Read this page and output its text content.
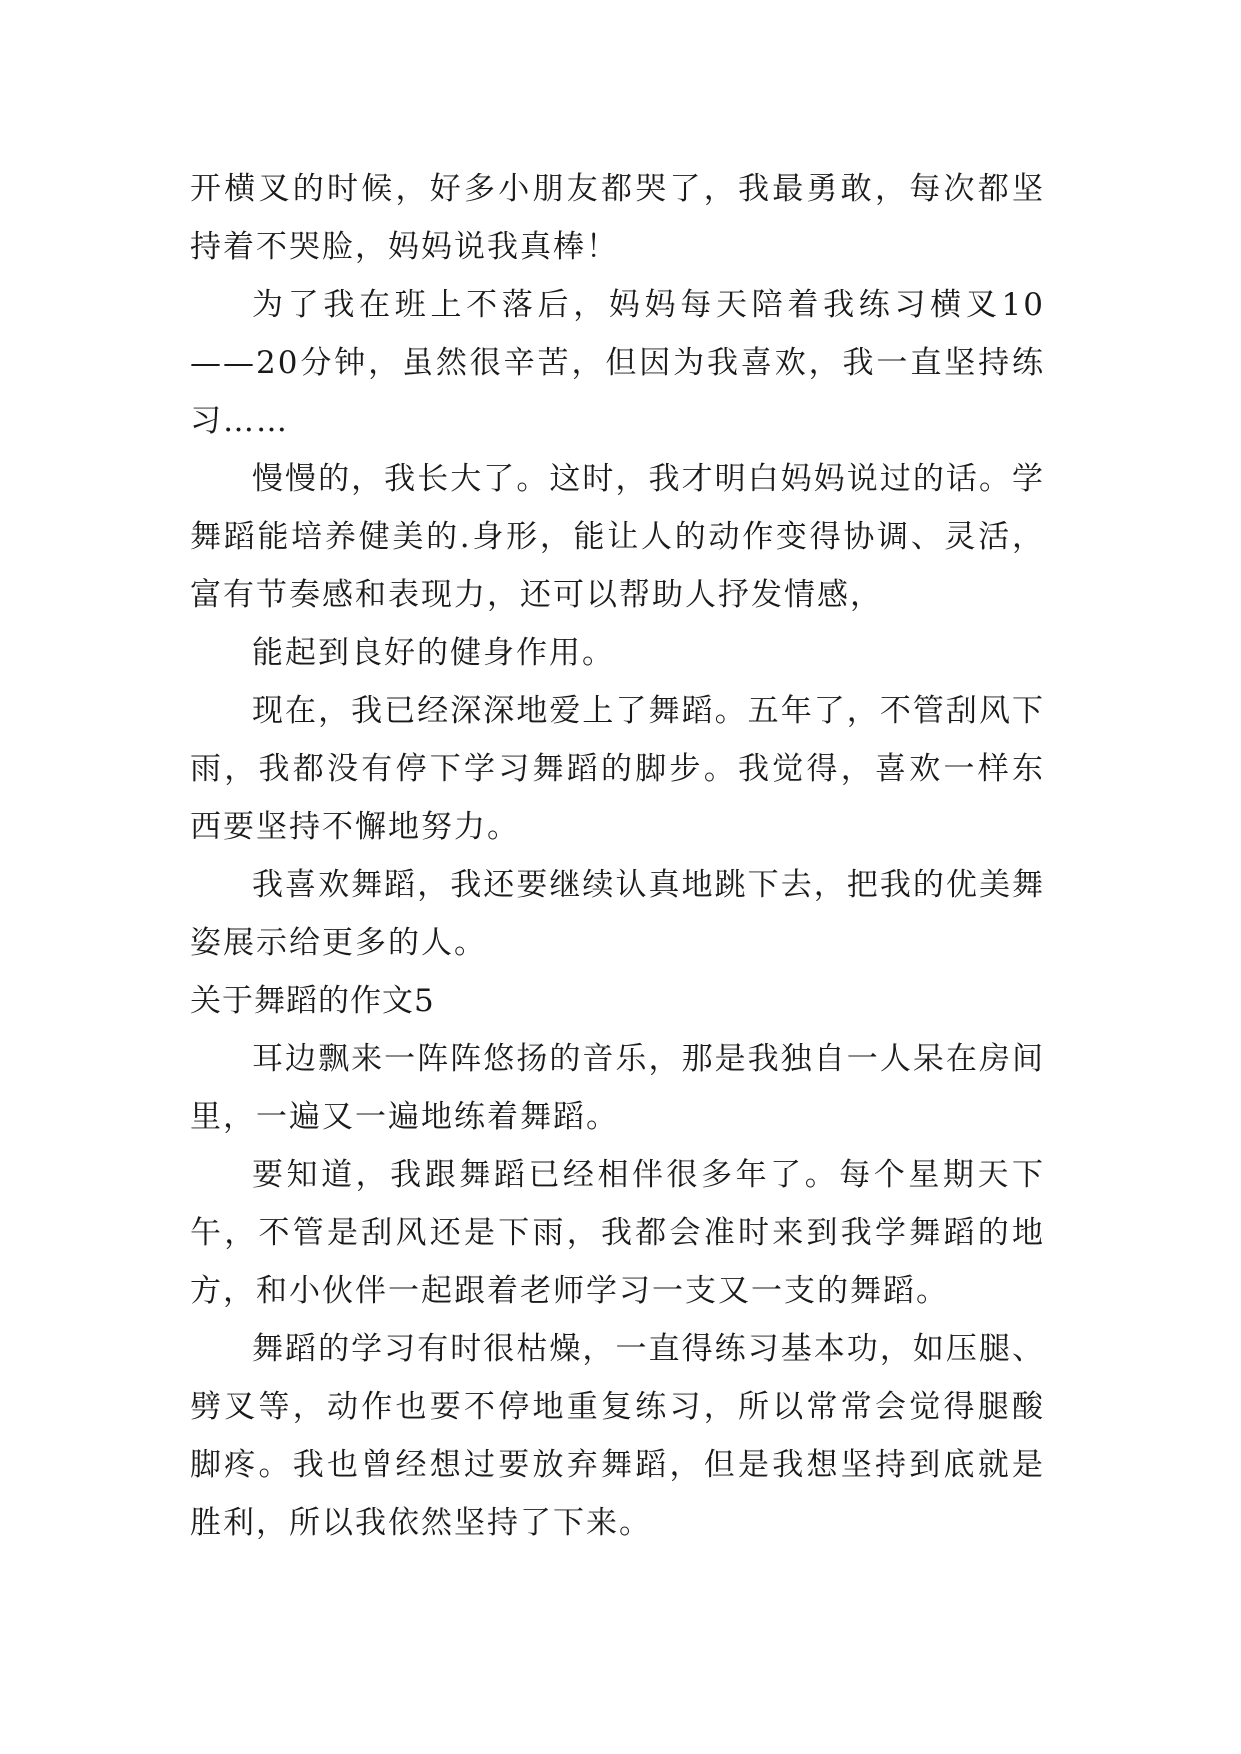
开横叉的时候，好多小朋友都哭了，我最勇敢，每次都坚持着不哭脸，妈妈说我真棒！

为了我在班上不落后，妈妈每天陪着我练习横叉10——20分钟，虽然很辛苦，但因为我喜欢，我一直坚持练习……

慢慢的，我长大了。这时，我才明白妈妈说过的话。学舞蹈能培养健美的.身形，能让人的动作变得协调、灵活，富有节奏感和表现力，还可以帮助人抒发情感，

能起到良好的健身作用。

现在，我已经深深地爱上了舞蹈。五年了，不管刮风下雨，我都没有停下学习舞蹈的脚步。我觉得，喜欢一样东西要坚持不懈地努力。

我喜欢舞蹈，我还要继续认真地跳下去，把我的优美舞姿展示给更多的人。

关于舞蹈的作文5

耳边飘来一阵阵悠扬的音乐，那是我独自一人呆在房间里，一遍又一遍地练着舞蹈。

要知道，我跟舞蹈已经相伴很多年了。每个星期天下午，不管是刮风还是下雨，我都会准时来到我学舞蹈的地方，和小伙伴一起跟着老师学习一支又一支的舞蹈。

舞蹈的学习有时很枯燥，一直得练习基本功，如压腿、劈叉等，动作也要不停地重复练习，所以常常会觉得腿酸脚疼。我也曾经想过要放弃舞蹈，但是我想坚持到底就是胜利，所以我依然坚持了下来。
